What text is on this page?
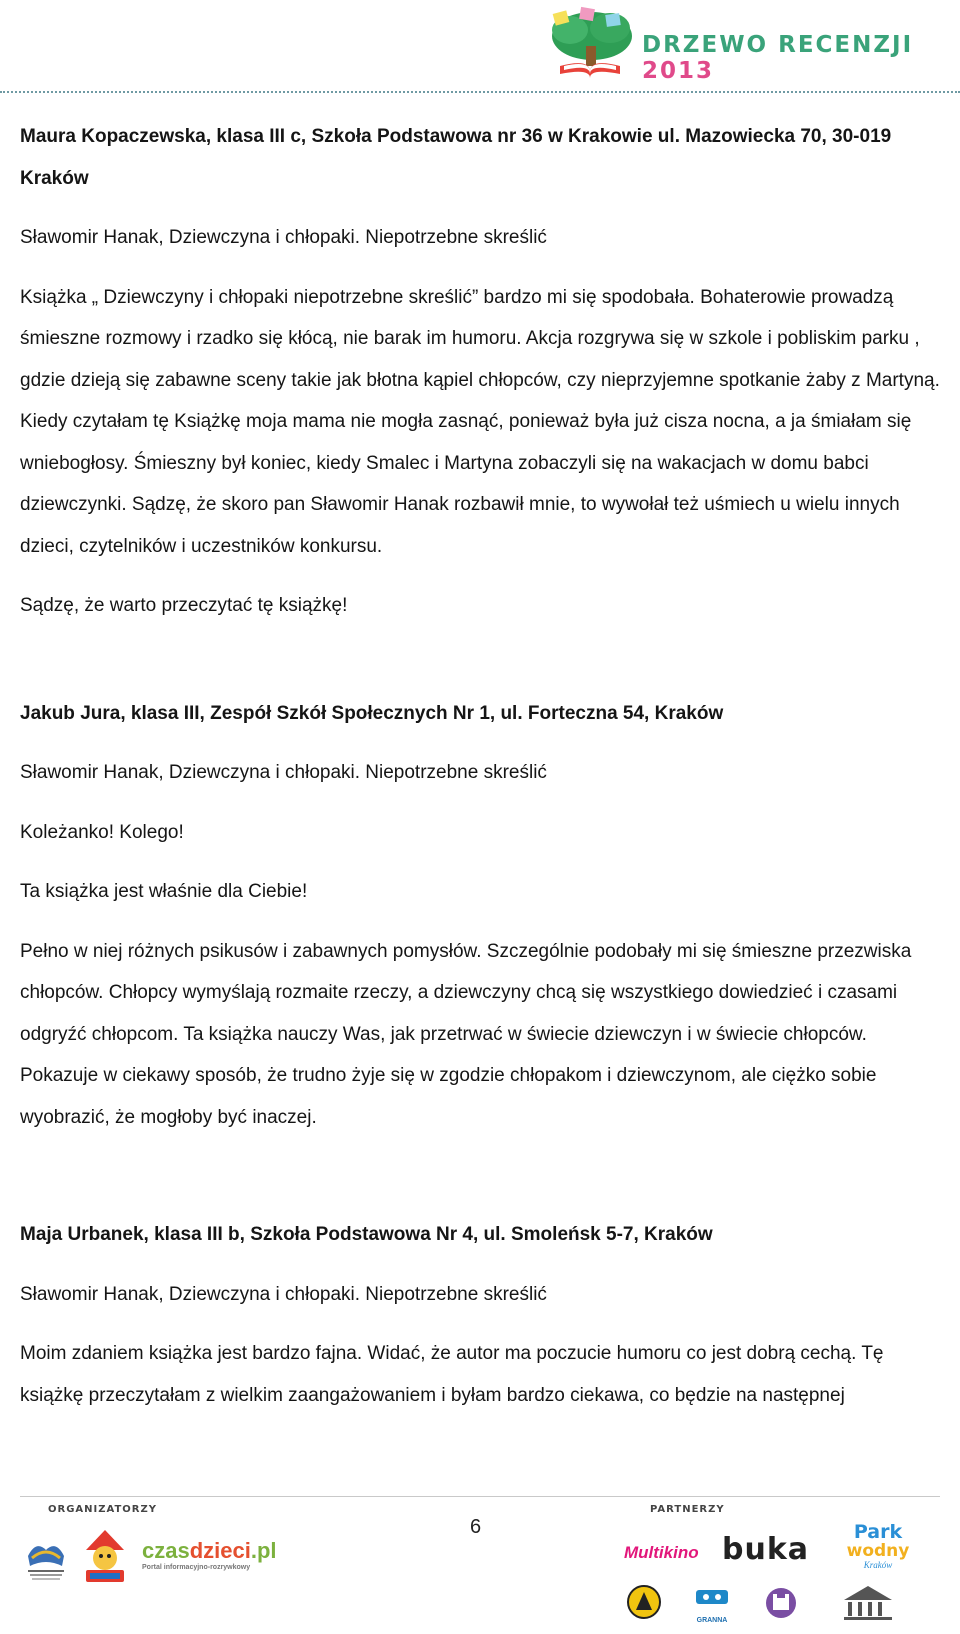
DRZEWO RECENZJI 2013

Maura Kopaczewska, klasa III c, Szkoła Podstawowa nr 36 w Krakowie ul. Mazowiecka 70, 30-019 Kraków

Sławomir Hanak, Dziewczyna i chłopaki. Niepotrzebne skreślić

Książka „ Dziewczyny i chłopaki niepotrzebne skreślić” bardzo mi się spodobała. Bohaterowie prowadzą śmieszne rozmowy i rzadko się kłócą, nie barak im humoru. Akcja rozgrywa się w szkole i pobliskim parku , gdzie dzieją się zabawne sceny takie jak błotna kąpiel chłopców, czy nieprzyjemne spotkanie żaby z Martyną. Kiedy czytałam tę Książkę moja mama nie mogła zasnąć, ponieważ była już cisza nocna, a ja śmiałam się wniebogłosy. Śmieszny był koniec, kiedy Smalec i Martyna zobaczyli się na wakacjach w domu babci dziewczynki. Sądzę, że skoro pan Sławomir Hanak rozbawił mnie, to wywołał też uśmiech u wielu innych dzieci, czytelników i uczestników konkursu.

Sądzę, że warto przeczytać tę książkę!

Jakub Jura, klasa III, Zespół Szkół Społecznych Nr 1, ul. Forteczna 54, Kraków

Sławomir Hanak, Dziewczyna i chłopaki. Niepotrzebne skreślić

Koleżanko! Kolego!

Ta książka jest właśnie dla Ciebie!

Pełno w niej różnych psikusów i zabawnych pomysłów. Szczególnie podobały mi się śmieszne przezwiska chłopców. Chłopcy wymyślają rozmaite rzeczy, a dziewczyny chcą się wszystkiego dowiedzieć i czasami odgryźć chłopcom. Ta książka nauczy Was, jak przetrwać w świecie dziewczyn i w świecie chłopców. Pokazuje w ciekawy sposób, że trudno żyje się w zgodzie chłopakom i dziewczynom, ale ciężko sobie wyobrazić, że mogłoby być inaczej.

Maja Urbanek, klasa III b, Szkoła Podstawowa Nr 4, ul. Smoleńsk 5-7, Kraków

Sławomir Hanak, Dziewczyna i chłopaki. Niepotrzebne skreślić

Moim zdaniem książka jest bardzo fajna. Widać, że autor ma poczucie humoru co jest dobrą cechą. Tę książkę przeczytałam z wielkim zaangażowaniem i byłam bardzo ciekawa, co będzie na następnej

ORGANIZATORZY	PARTNERZY
6
czasdzieci.pl
Portal informacyjno-rozrywkowy
Multikino buka	Park
wodny
Kraków
GRANNA
